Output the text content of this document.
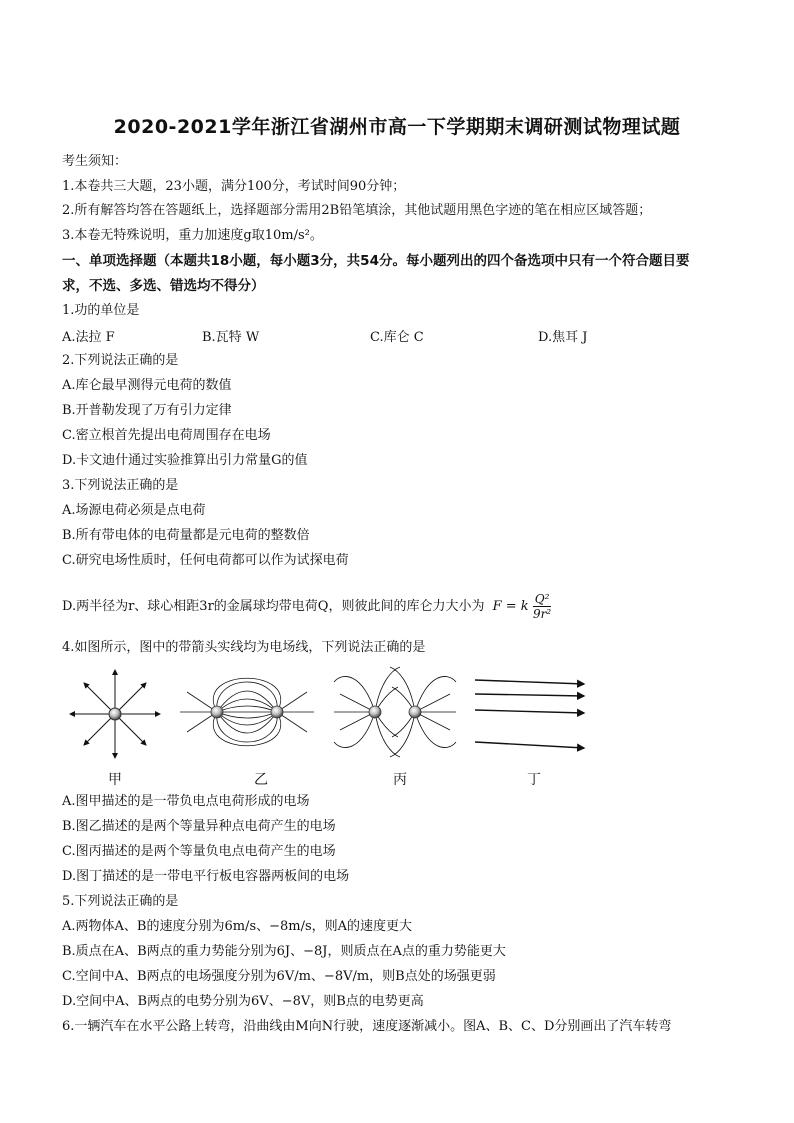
2020-2021学年浙江省湖州市高一下学期期末调研测试物理试题
考生须知：
1.本卷共三大题，23小题，满分100分，考试时间90分钟；
2.所有解答均答在答题纸上，选择题部分需用2B铅笔填涂，其他试题用黑色字迹的笔在相应区域答题；
3.本卷无特殊说明，重力加速度g取10m/s²。
一、单项选择题（本题共18小题，每小题3分，共54分。每小题列出的四个备选项中只有一个符合题目要
求，不选、多选、错选均不得分）
1.功的单位是
A.法拉 F	B.瓦特 W	C.库仑 C	D.焦耳 J
2.下列说法正确的是
A.库仑最早测得元电荷的数值
B.开普勒发现了万有引力定律
C.密立根首先提出电荷周围存在电场
D.卡文迪什通过实验推算出引力常量G的值
3.下列说法正确的是
A.场源电荷必须是点电荷
B.所有带电体的电荷量都是元电荷的整数倍
C.研究电场性质时，任何电荷都可以作为试探电荷
D.两半径为r、球心相距3r的金属球均带电荷Q，则彼此间的库仑力大小为 F = k $\frac{\text{Q²}}{\text{9r²}}$
4.如图所示，图中的带箭头实线均为电场线，下列说法正确的是
甲	乙	丙	丁
A.图甲描述的是一带负电点电荷形成的电场
B.图乙描述的是两个等量异种点电荷产生的电场
C.图丙描述的是两个等量负电点电荷产生的电场
D.图丁描述的是一带电平行板电容器两板间的电场
5.下列说法正确的是
A.两物体A、B的速度分别为6m/s、−8m/s，则A的速度更大
B.质点在A、B两点的重力势能分别为6J、−8J，则质点在A点的重力势能更大
C.空间中A、B两点的电场强度分别为6V/m、−8V/m，则B点处的场强更弱
D.空间中A、B两点的电势分别为6V、−8V，则B点的电势更高
6.一辆汽车在水平公路上转弯，沿曲线由M向N行驶，速度逐渐减小。图A、B、C、D分别画出了汽车转弯
